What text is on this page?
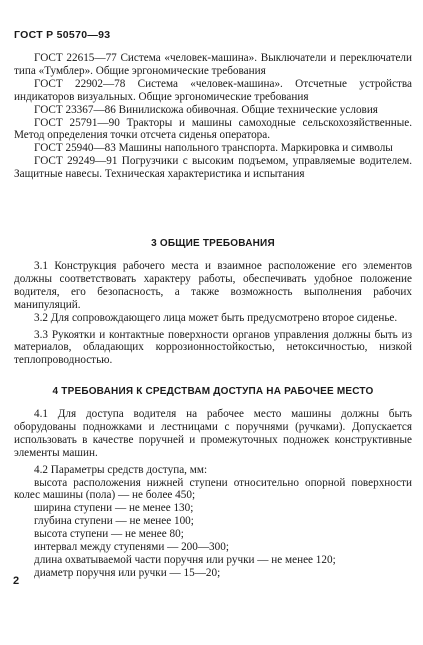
ГОСТ Р 50570—93

ГОСТ 22615—77 Система «человек-машина». Выключатели и переключатели типа «Тумблер». Общие эргономические требования

ГОСТ 22902—78 Система «человек-машина». Отсчетные устройства индикаторов визуальных. Общие эргономические требования

ГОСТ 23367—86 Винилискожа обивочная. Общие технические условия

ГОСТ 25791—90 Тракторы и машины самоходные сельскохозяйственные. Метод определения точки отсчета сиденья оператора.

ГОСТ 25940—83 Машины напольного транспорта. Маркировка и символы

ГОСТ 29249—91 Погрузчики с высоким подъемом, управляемые водителем. Защитные навесы. Техническая характеристика и испытания

3 ОБЩИЕ ТРЕБОВАНИЯ

3.1 Конструкция рабочего места и взаимное расположение его элементов должны соответствовать характеру работы, обеспечивать удобное положение водителя, его безопасность, а также возможность выполнения рабочих манипуляций.

3.2 Для сопровождающего лица может быть предусмотрено второе сиденье.

3.3 Рукоятки и контактные поверхности органов управления должны быть из материалов, обладающих коррозионностойкостью, нетоксичностью, низкой теплопроводностью.

4 ТРЕБОВАНИЯ К СРЕДСТВАМ ДОСТУПА НА РАБОЧЕЕ МЕСТО

4.1 Для доступа водителя на рабочее место машины должны быть оборудованы подножками и лестницами с поручнями (ручками). Допускается использовать в качестве поручней и промежуточных подножек конструктивные элементы машин.

4.2 Параметры средств доступа, мм:

высота расположения нижней ступени относительно опорной поверхности колес машины (пола) — не более 450;

ширина ступени — не менее 130;

глубина ступени — не менее 100;

высота ступени — не менее 80;

интервал между ступенями — 200—300;

длина охватываемой части поручня или ручки — не менее 120;

диаметр поручня или ручки — 15—20;

2
